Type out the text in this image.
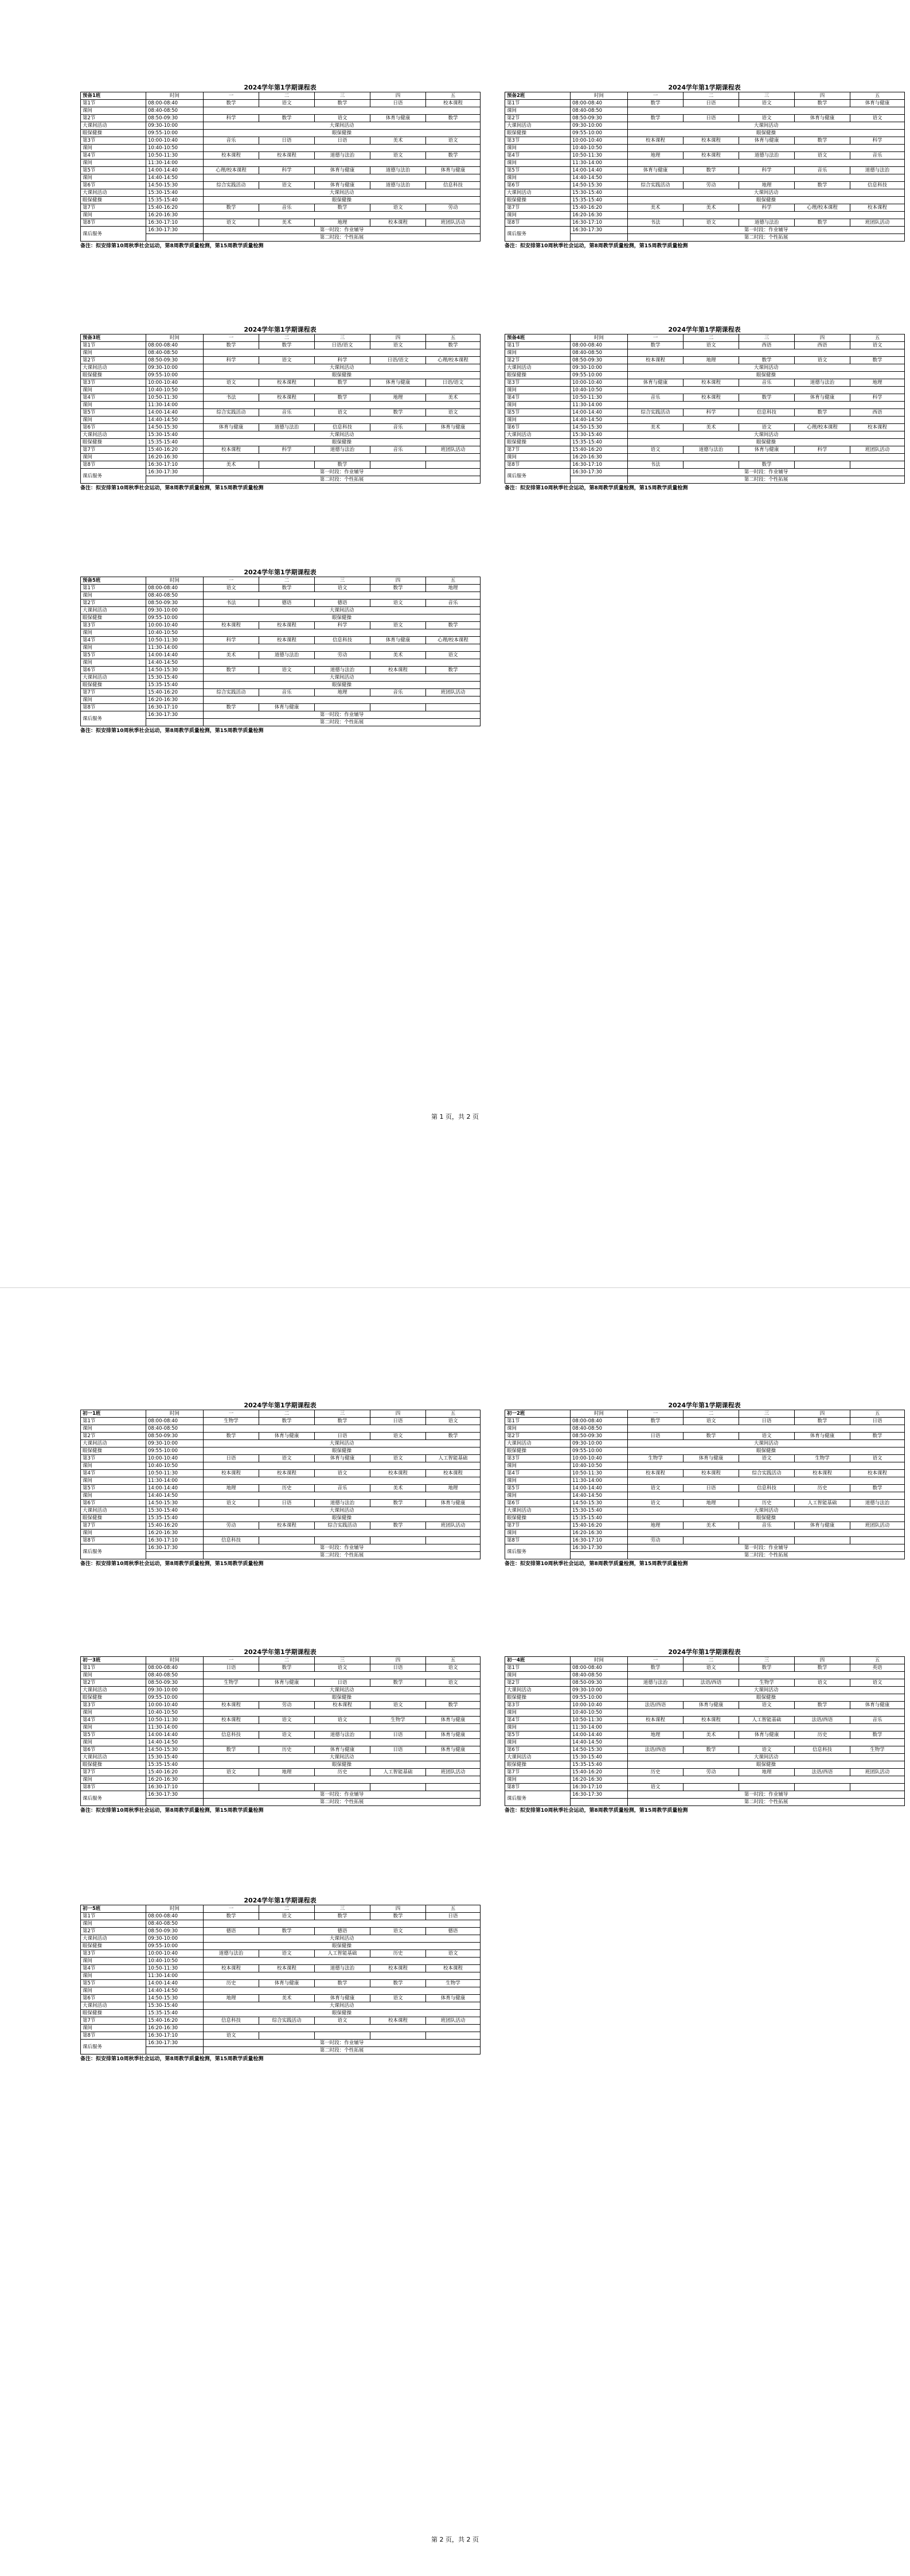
第 1 页，共 2 页
2024学年第1学期课程表
预备1班	时间	一	二	三	四	五
第1节	08:00-08:40	数学	语文	数学	日语	校本课程
课间	08:40-08:50					
第2节	08:50-09:30	科学	数学	语文	体育与健康	数学
大课间活动	09:30-10:00	大课间活动				
眼保健操	09:55-10:00	眼保健操				
第3节	10:00-10:40	音乐	日语	日语	美术	语文
课间	10:40-10:50					
第4节	10:50-11:30	校本课程	校本课程	道德与法治	语文	数学
课间	11:30-14:00					
第5节	14:00-14:40	心理/校本课程	科学	体育与健康	道德与法治	体育与健康
课间	14:40-14:50					
第6节	14:50-15:30	综合实践活动	语文	体育与健康	道德与法治	信息科技
大课间活动	15:30-15:40	大课间活动				
眼保健操	15:35-15:40	眼保健操				
第7节	15:40-16:20	数学	音乐	数学	语文	劳动
课间	16:20-16:30					
第8节	16:30-17:10	语文	美术	地理	校本课程	班团队活动
课后服务	16:30-17:30	第一时段：作业辅导				
		第二时段：个性拓展				
备注：拟安排第10周秋季社会运动，第8周教学质量检测，第15周教学质量检测
2024学年第1学期课程表
预备2班	时间	一	二	三	四	五
第1节	08:00-08:40	数学	日语	语文	数学	体育与健康
课间	08:40-08:50					
第2节	08:50-09:30	数学	日语	语文	体育与健康	语文
大课间活动	09:30-10:00	大课间活动				
眼保健操	09:55-10:00	眼保健操				
第3节	10:00-10:40	校本课程	校本课程	体育与健康	数学	科学
课间	10:40-10:50					
第4节	10:50-11:30	地理	校本课程	道德与法治	语文	音乐
课间	11:30-14:00					
第5节	14:00-14:40	体育与健康	数学	科学	音乐	道德与法治
课间	14:40-14:50					
第6节	14:50-15:30	综合实践活动	劳动	地理	数学	信息科技
大课间活动	15:30-15:40	大课间活动				
眼保健操	15:35-15:40	眼保健操				
第7节	15:40-16:20	美术	美术	科学	心理/校本课程	校本课程
课间	16:20-16:30					
第8节	16:30-17:10	书法	语文	道德与法治	数学	班团队活动
课后服务	16:30-17:30	第一时段：作业辅导				
		第二时段：个性拓展				
备注：拟安排第10周秋季社会运动，第8周教学质量检测，第15周教学质量检测
2024学年第1学期课程表
预备3班	时间	一	二	三	四	五
第1节	08:00-08:40	数学	数学	日语/语文	语文	数学
课间	08:40-08:50					
第2节	08:50-09:30	科学	语文	科学	日语/语文	心理/校本课程
大课间活动	09:30-10:00	大课间活动				
眼保健操	09:55-10:00	眼保健操				
第3节	10:00-10:40	语文	校本课程	数学	体育与健康	日语/语文
课间	10:40-10:50					
第4节	10:50-11:30	书法	校本课程	数学	地理	美术
课间	11:30-14:00					
第5节	14:00-14:40	综合实践活动	音乐	语文	数学	语文
课间	14:40-14:50					
第6节	14:50-15:30	体育与健康	道德与法治	信息科技	音乐	体育与健康
大课间活动	15:30-15:40	大课间活动				
眼保健操	15:35-15:40	眼保健操				
第7节	15:40-16:20	校本课程	科学	道德与法治	音乐	班团队活动
课间	16:20-16:30					
第8节	16:30-17:10	美术		数学		
课后服务	16:30-17:30	第一时段：作业辅导				
		第二时段：个性拓展				
备注：拟安排第10周秋季社会运动，第8周教学质量检测，第15周教学质量检测
2024学年第1学期课程表
预备4班	时间	一	二	三	四	五
第1节	08:00-08:40	数学	语文	西语	西语	语文
课间	08:40-08:50					
第2节	08:50-09:30	校本课程	地理	数学	语文	数学
大课间活动	09:30-10:00	大课间活动				
眼保健操	09:55-10:00	眼保健操				
第3节	10:00-10:40	体育与健康	校本课程	音乐	道德与法治	地理
课间	10:40-10:50					
第4节	10:50-11:30	音乐	校本课程	数学	体育与健康	科学
课间	11:30-14:00					
第5节	14:00-14:40	综合实践活动	科学	信息科技	数学	西语
课间	14:40-14:50					
第6节	14:50-15:30	美术	美术	语文	心理/校本课程	校本课程
大课间活动	15:30-15:40	大课间活动				
眼保健操	15:35-15:40	眼保健操				
第7节	15:40-16:20	语文	道德与法治	体育与健康	科学	班团队活动
课间	16:20-16:30					
第8节	16:30-17:10	书法		数学		
课后服务	16:30-17:30	第一时段：作业辅导				
		第二时段：个性拓展				
备注：拟安排第10周秋季社会运动，第8周教学质量检测，第15周教学质量检测
2024学年第1学期课程表
预备5班	时间	一	二	三	四	五
第1节	08:00-08:40	语文	数学	语文	数学	地理
课间	08:40-08:50					
第2节	08:50-09:30	书法	德语	德语	语文	音乐
大课间活动	09:30-10:00	大课间活动				
眼保健操	09:55-10:00	眼保健操				
第3节	10:00-10:40	校本课程	校本课程	科学	语文	数学
课间	10:40-10:50					
第4节	10:50-11:30	科学	校本课程	信息科技	体育与健康	心理/校本课程
课间	11:30-14:00					
第5节	14:00-14:40	美术	道德与法治	劳动	美术	语文
课间	14:40-14:50					
第6节	14:50-15:30	数学	语文	道德与法治	校本课程	数学
大课间活动	15:30-15:40	大课间活动				
眼保健操	15:35-15:40	眼保健操				
第7节	15:40-16:20	综合实践活动	音乐	地理	音乐	班团队活动
课间	16:20-16:30					
第8节	16:30-17:10	数学	体育与健康			
课后服务	16:30-17:30	第一时段：作业辅导				
		第二时段：个性拓展				
备注：拟安排第10周秋季社会运动，第8周教学质量检测，第15周教学质量检测
第 2 页，共 2 页
2024学年第1学期课程表
初一1班	时间	一	二	三	四	五
第1节	08:00-08:40	生物学	数学	数学	日语	语文
课间	08:40-08:50					
第2节	08:50-09:30	数学	体育与健康	日语	语文	数学
大课间活动	09:30-10:00	大课间活动				
眼保健操	09:55-10:00	眼保健操				
第3节	10:00-10:40	日语	语文	体育与健康	语文	人工智能基础
课间	10:40-10:50					
第4节	10:50-11:30	校本课程	校本课程	语文	校本课程	校本课程
课间	11:30-14:00					
第5节	14:00-14:40	地理	历史	音乐	美术	地理
课间	14:40-14:50					
第6节	14:50-15:30	语文	日语	道德与法治	数学	体育与健康
大课间活动	15:30-15:40	大课间活动				
眼保健操	15:35-15:40	眼保健操				
第7节	15:40-16:20	劳动	校本课程	综合实践活动	数学	班团队活动
课间	16:20-16:30					
第8节	16:30-17:10	信息科技				
课后服务	16:30-17:30	第一时段：作业辅导				
		第二时段：个性拓展				
备注：拟安排第10周秋季社会运动，第8周教学质量检测，第15周教学质量检测
2024学年第1学期课程表
初一2班	时间	一	二	三	四	五
第1节	08:00-08:40	数学	语文	日语	数学	日语
课间	08:40-08:50					
第2节	08:50-09:30	日语	数学	语文	体育与健康	数学
大课间活动	09:30-10:00	大课间活动				
眼保健操	09:55-10:00	眼保健操				
第3节	10:00-10:40	生物学	体育与健康	语文	生物学	语文
课间	10:40-10:50					
第4节	10:50-11:30	校本课程	校本课程	综合实践活动	校本课程	校本课程
课间	11:30-14:00					
第5节	14:00-14:40	语文	日语	信息科技	历史	数学
课间	14:40-14:50					
第6节	14:50-15:30	语文	地理	历史	人工智能基础	道德与法治
大课间活动	15:30-15:40	大课间活动				
眼保健操	15:35-15:40	眼保健操				
第7节	15:40-16:20	地理	美术	音乐	体育与健康	班团队活动
课间	16:20-16:30					
第8节	16:30-17:10	劳动				
课后服务	16:30-17:30	第一时段：作业辅导				
		第二时段：个性拓展				
备注：拟安排第10周秋季社会运动，第8周教学质量检测，第15周教学质量检测
2024学年第1学期课程表
初一3班	时间	一	二	三	四	五
第1节	08:00-08:40	日语	数学	语文	日语	语文
课间	08:40-08:50					
第2节	08:50-09:30	生物学	体育与健康	日语	数学	语文
大课间活动	09:30-10:00	大课间活动				
眼保健操	09:55-10:00	眼保健操				
第3节	10:00-10:40	校本课程	劳动	校本课程	语文	数学
课间	10:40-10:50					
第4节	10:50-11:30	校本课程	语文	语文	生物学	体育与健康
课间	11:30-14:00					
第5节	14:00-14:40	信息科技	语文	道德与法治	日语	体育与健康
课间	14:40-14:50					
第6节	14:50-15:30	数学	历史	体育与健康	日语	体育与健康
大课间活动	15:30-15:40	大课间活动				
眼保健操	15:35-15:40	眼保健操				
第7节	15:40-16:20	语文	地理	历史	人工智能基础	班团队活动
课间	16:20-16:30					
第8节	16:30-17:10					
课后服务	16:30-17:30	第一时段：作业辅导				
		第二时段：个性拓展				
备注：拟安排第10周秋季社会运动，第8周教学质量检测，第15周教学质量检测
2024学年第1学期课程表
初一4班	时间	一	二	三	四	五
第1节	08:00-08:40	数学	语文	数学	数学	英语
课间	08:40-08:50					
第2节	08:50-09:30	道德与法治	法语/西语	生物学	语文	语文
大课间活动	09:30-10:00	大课间活动				
眼保健操	09:55-10:00	眼保健操				
第3节	10:00-10:40	法语/西语	体育与健康	语文	数学	体育与健康
课间	10:40-10:50					
第4节	10:50-11:30	校本课程	校本课程	人工智能基础	法语/西语	音乐
课间	11:30-14:00					
第5节	14:00-14:40	地理	美术	体育与健康	历史	数学
课间	14:40-14:50					
第6节	14:50-15:30	法语/西语	数学	语文	信息科技	生物学
大课间活动	15:30-15:40	大课间活动				
眼保健操	15:35-15:40	眼保健操				
第7节	15:40-16:20	历史	劳动	地理	法语/西语	班团队活动
课间	16:20-16:30					
第8节	16:30-17:10	语文				
课后服务	16:30-17:30	第一时段：作业辅导				
		第二时段：个性拓展				
备注：拟安排第10周秋季社会运动，第8周教学质量检测，第15周教学质量检测
2024学年第1学期课程表
初一5班	时间	一	二	三	四	五
第1节	08:00-08:40	数学	语文	数学	数学	日语
课间	08:40-08:50					
第2节	08:50-09:30	德语	数学	德语	语文	德语
大课间活动	09:30-10:00	大课间活动				
眼保健操	09:55-10:00	眼保健操				
第3节	10:00-10:40	道德与法治	语文	人工智能基础	历史	语文
课间	10:40-10:50					
第4节	10:50-11:30	校本课程	校本课程	道德与法治	校本课程	校本课程
课间	11:30-14:00					
第5节	14:00-14:40	历史	体育与健康	数学	数学	生物学
课间	14:40-14:50					
第6节	14:50-15:30	地理	美术	体育与健康	语文	体育与健康
大课间活动	15:30-15:40	大课间活动				
眼保健操	15:35-15:40	眼保健操				
第7节	15:40-16:20	信息科技	综合实践活动	语文	校本课程	班团队活动
课间	16:20-16:30					
第8节	16:30-17:10	语文				
课后服务	16:30-17:30	第一时段：作业辅导				
		第二时段：个性拓展				
备注：拟安排第10周秋季社会运动，第8周教学质量检测，第15周教学质量检测
